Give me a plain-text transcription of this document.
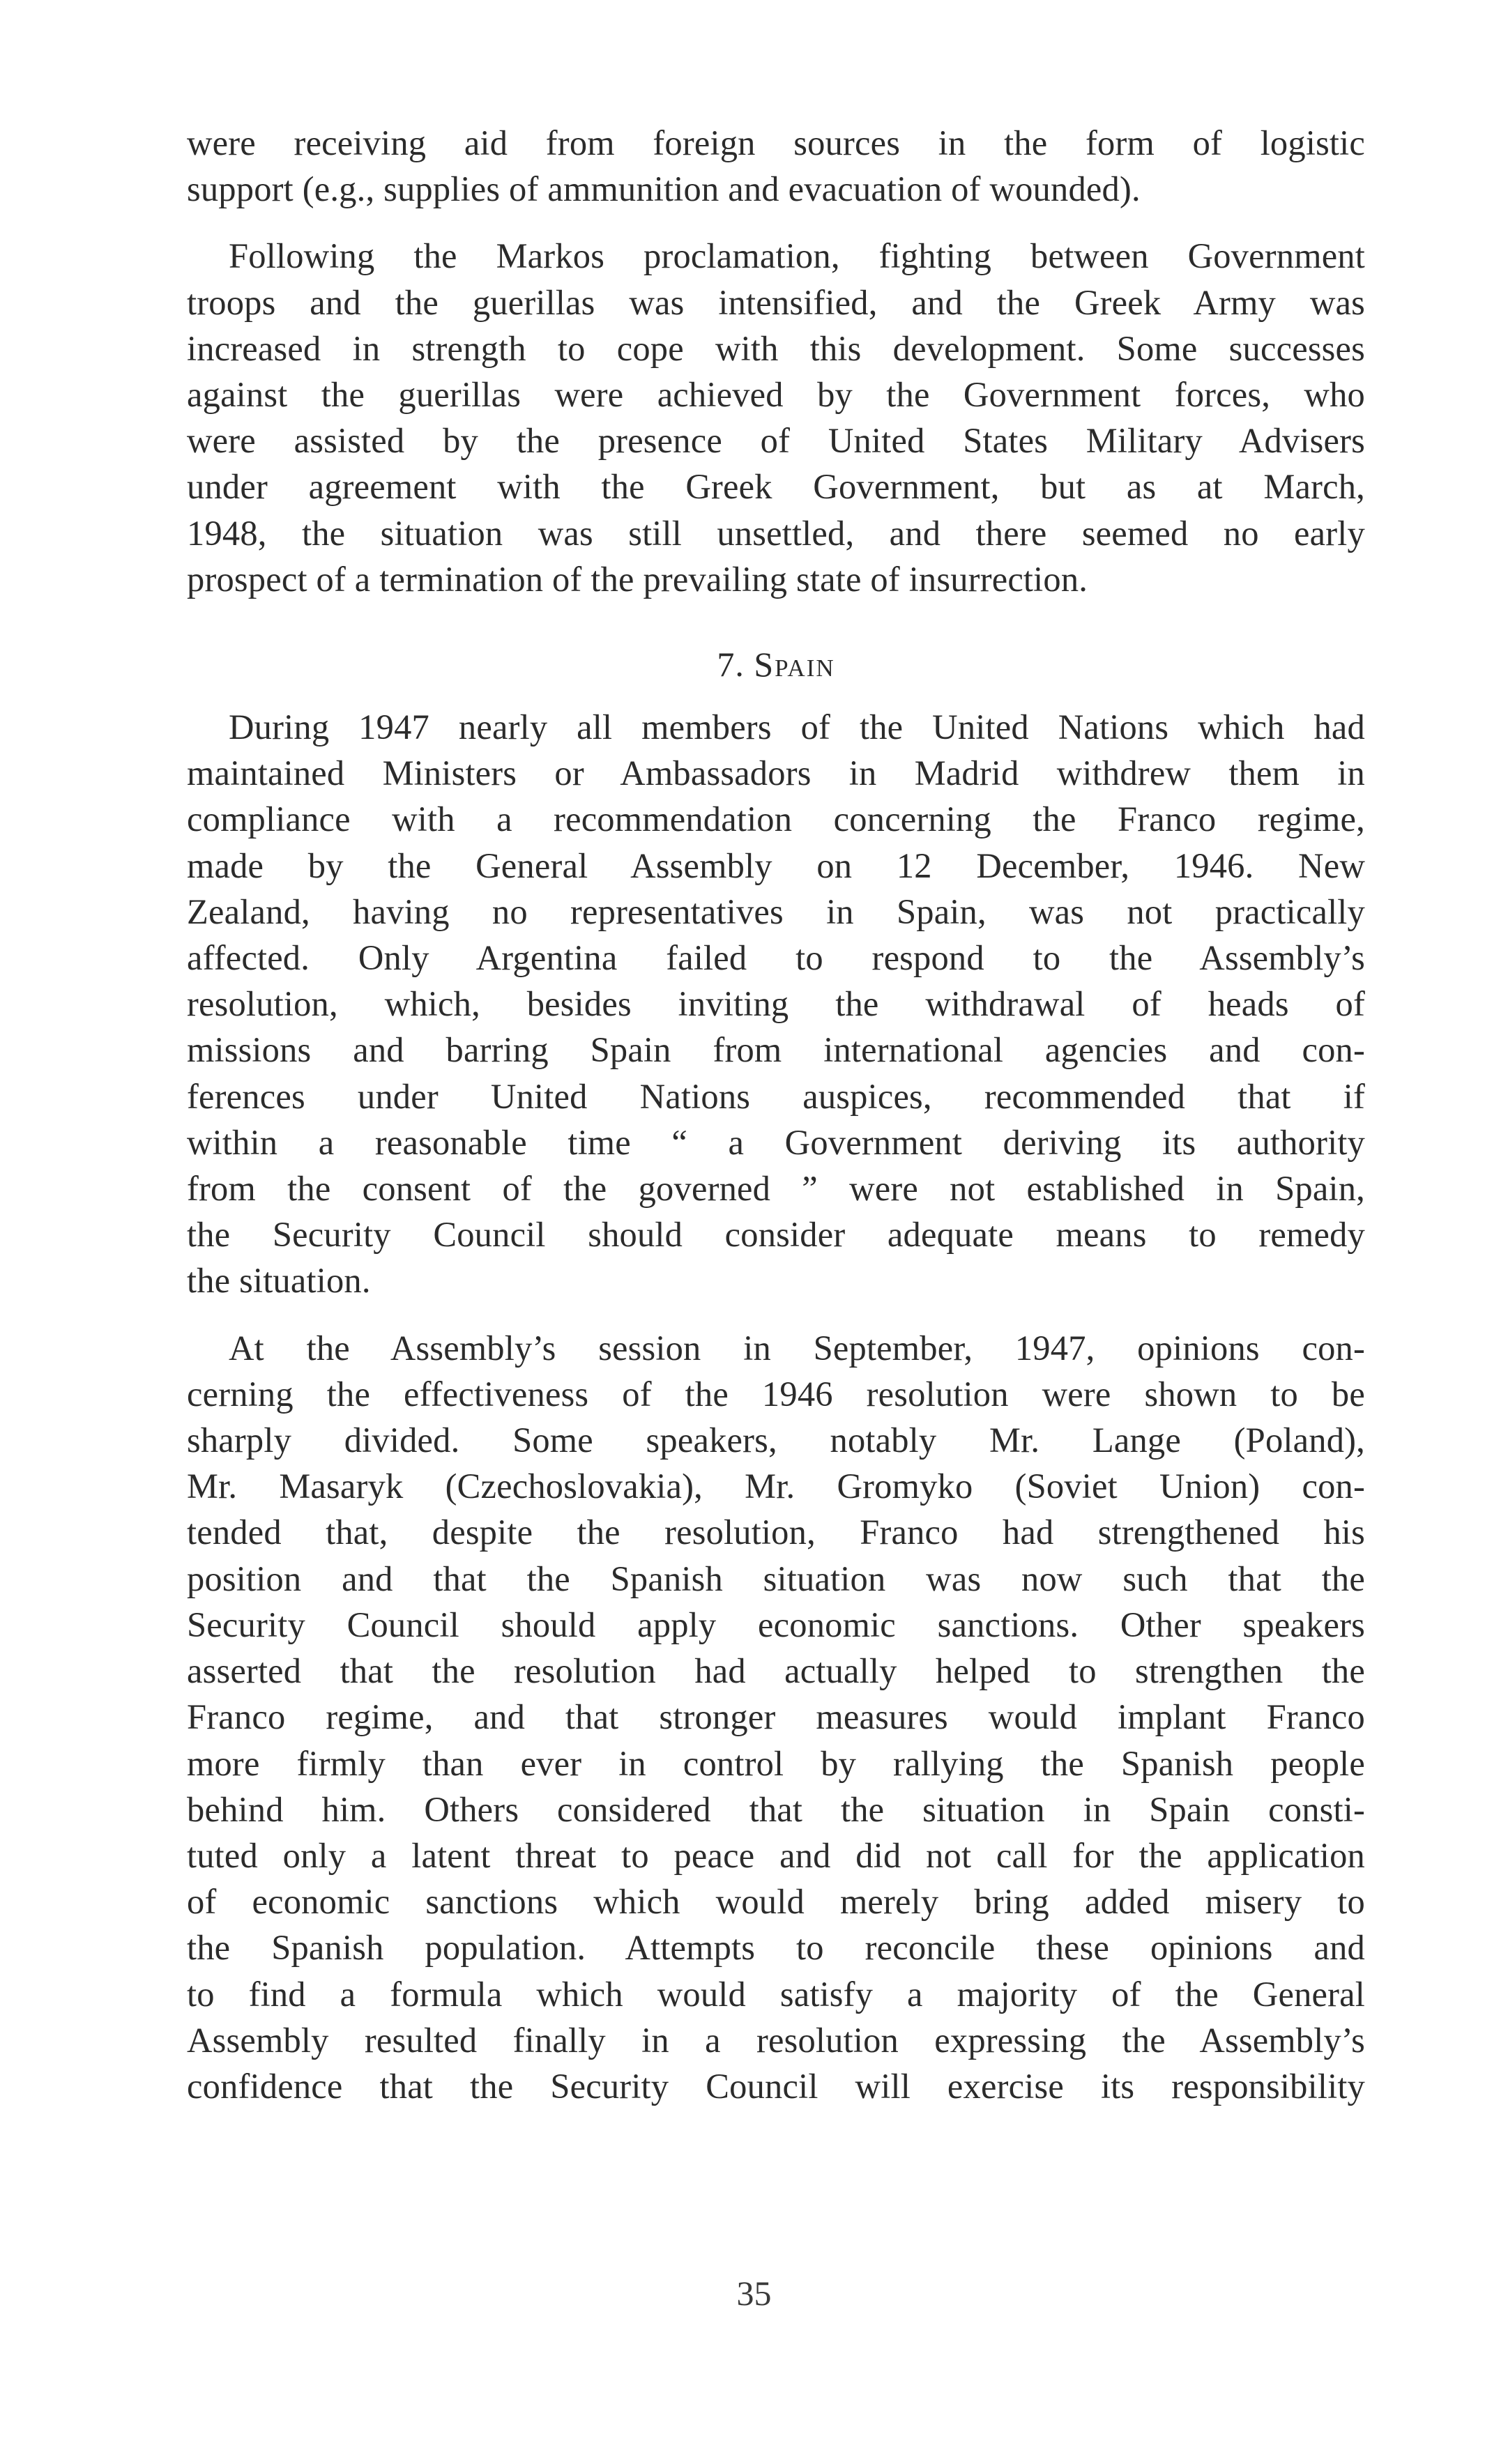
were receiving aid from foreign sources in the form of logistic
support (e.g., supplies of ammunition and evacuation of wounded).

Following the Markos proclamation, fighting between Government
troops and the guerillas was intensified, and the Greek Army was
increased in strength to cope with this development. Some successes
against the guerillas were achieved by the Government forces, who
were assisted by the presence of United States Military Advisers
under agreement with the Greek Government, but as at March,
1948, the situation was still unsettled, and there seemed no early
prospect of a termination of the prevailing state of insurrection.

7. Spain

During 1947 nearly all members of the United Nations which had
maintained Ministers or Ambassadors in Madrid withdrew them in
compliance with a recommendation concerning the Franco regime,
made by the General Assembly on 12 December, 1946. New
Zealand, having no representatives in Spain, was not practically
affected. Only Argentina failed to respond to the Assembly’s
resolution, which, besides inviting the withdrawal of heads of
missions and barring Spain from international agencies and con-
ferences under United Nations auspices, recommended that if
within a reasonable time “ a Government deriving its authority
from the consent of the governed ” were not established in Spain,
the Security Council should consider adequate means to remedy
the situation.

At the Assembly’s session in September, 1947, opinions con-
cerning the effectiveness of the 1946 resolution were shown to be
sharply divided. Some speakers, notably Mr. Lange (Poland),
Mr. Masaryk (Czechoslovakia), Mr. Gromyko (Soviet Union) con-
tended that, despite the resolution, Franco had strengthened his
position and that the Spanish situation was now such that the
Security Council should apply economic sanctions. Other speakers
asserted that the resolution had actually helped to strengthen the
Franco regime, and that stronger measures would implant Franco
more firmly than ever in control by rallying the Spanish people
behind him. Others considered that the situation in Spain consti-
tuted only a latent threat to peace and did not call for the application
of economic sanctions which would merely bring added misery to
the Spanish population. Attempts to reconcile these opinions and
to find a formula which would satisfy a majority of the General
Assembly resulted finally in a resolution expressing the Assembly’s
confidence that the Security Council will exercise its responsibility

35
